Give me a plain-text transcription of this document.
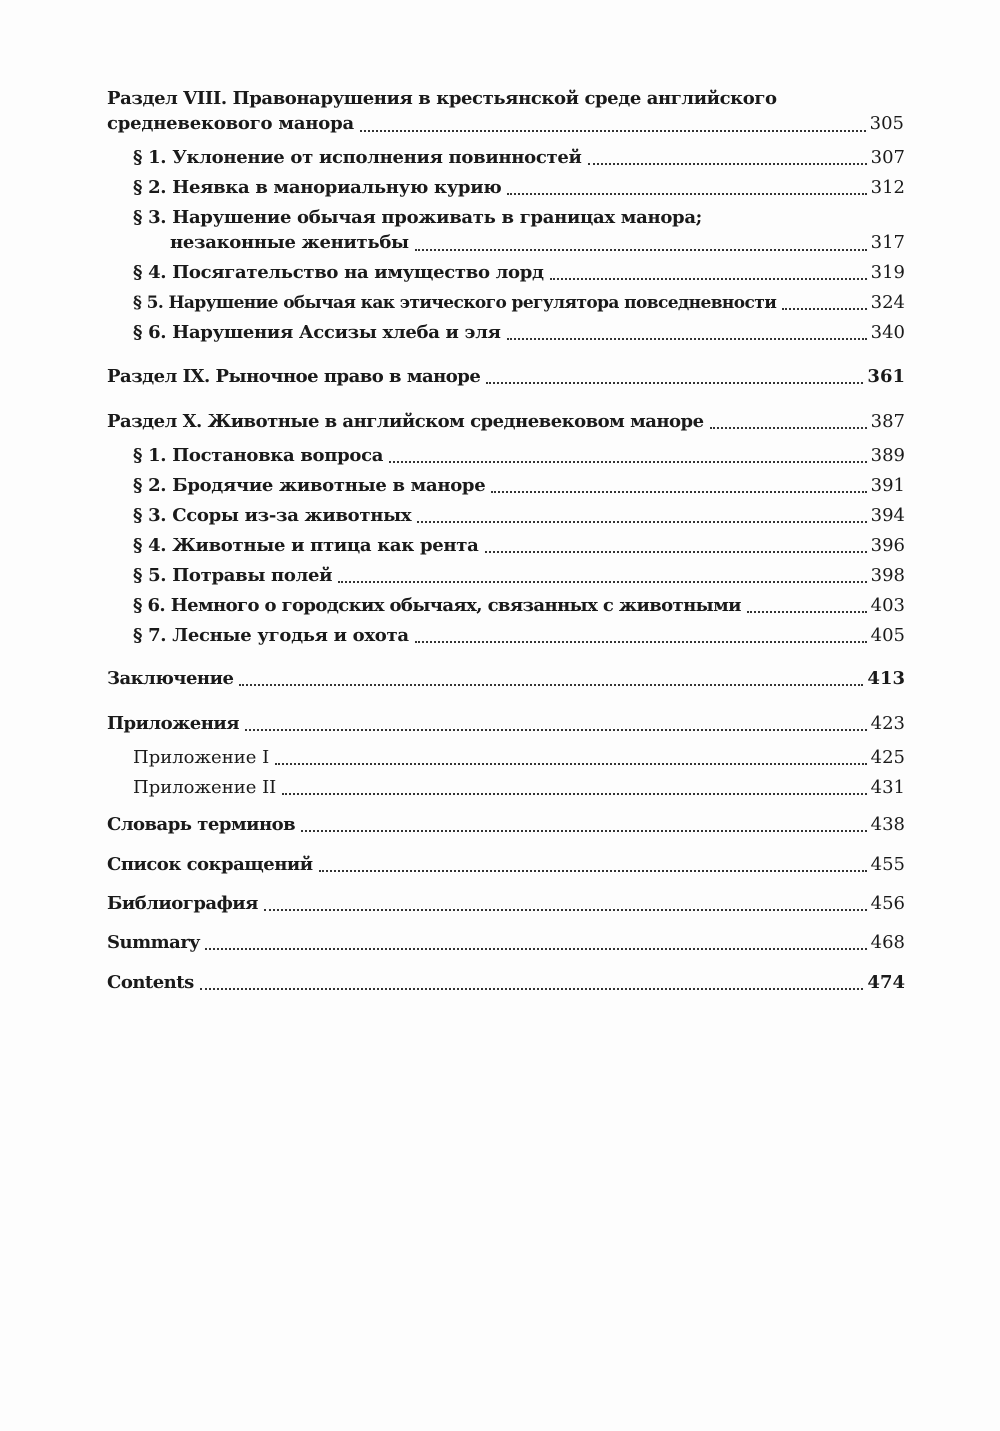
Раздел VIII. Правонарушения в крестьянской среде английского
средневекового манора	305
§ 1. Уклонение от исполнения повинностей	307
§ 2. Неявка в манориальную курию	312
§ 3. Нарушение обычая проживать в границах манора;
незаконные женитьбы	317
§ 4. Посягательство на имущество лорд	319
§ 5. Нарушение обычая как этического регулятора повседневности	324
§ 6. Нарушения Ассизы хлеба и эля	340
Раздел IX. Рыночное право в маноре	361
Раздел X. Животные в английском средневековом маноре	387
§ 1. Постановка вопроса	389
§ 2. Бродячие животные в маноре	391
§ 3. Ссоры из-за животных	394
§ 4. Животные и птица как рента	396
§ 5. Потравы полей	398
§ 6. Немного о городских обычаях, связанных с животными	403
§ 7. Лесные угодья и охота	405
Заключение	413
Приложения	423
Приложение I	425
Приложение II	431
Словарь терминов	438
Список сокращений	455
Библиография	456
Summary	468
Contents	474
